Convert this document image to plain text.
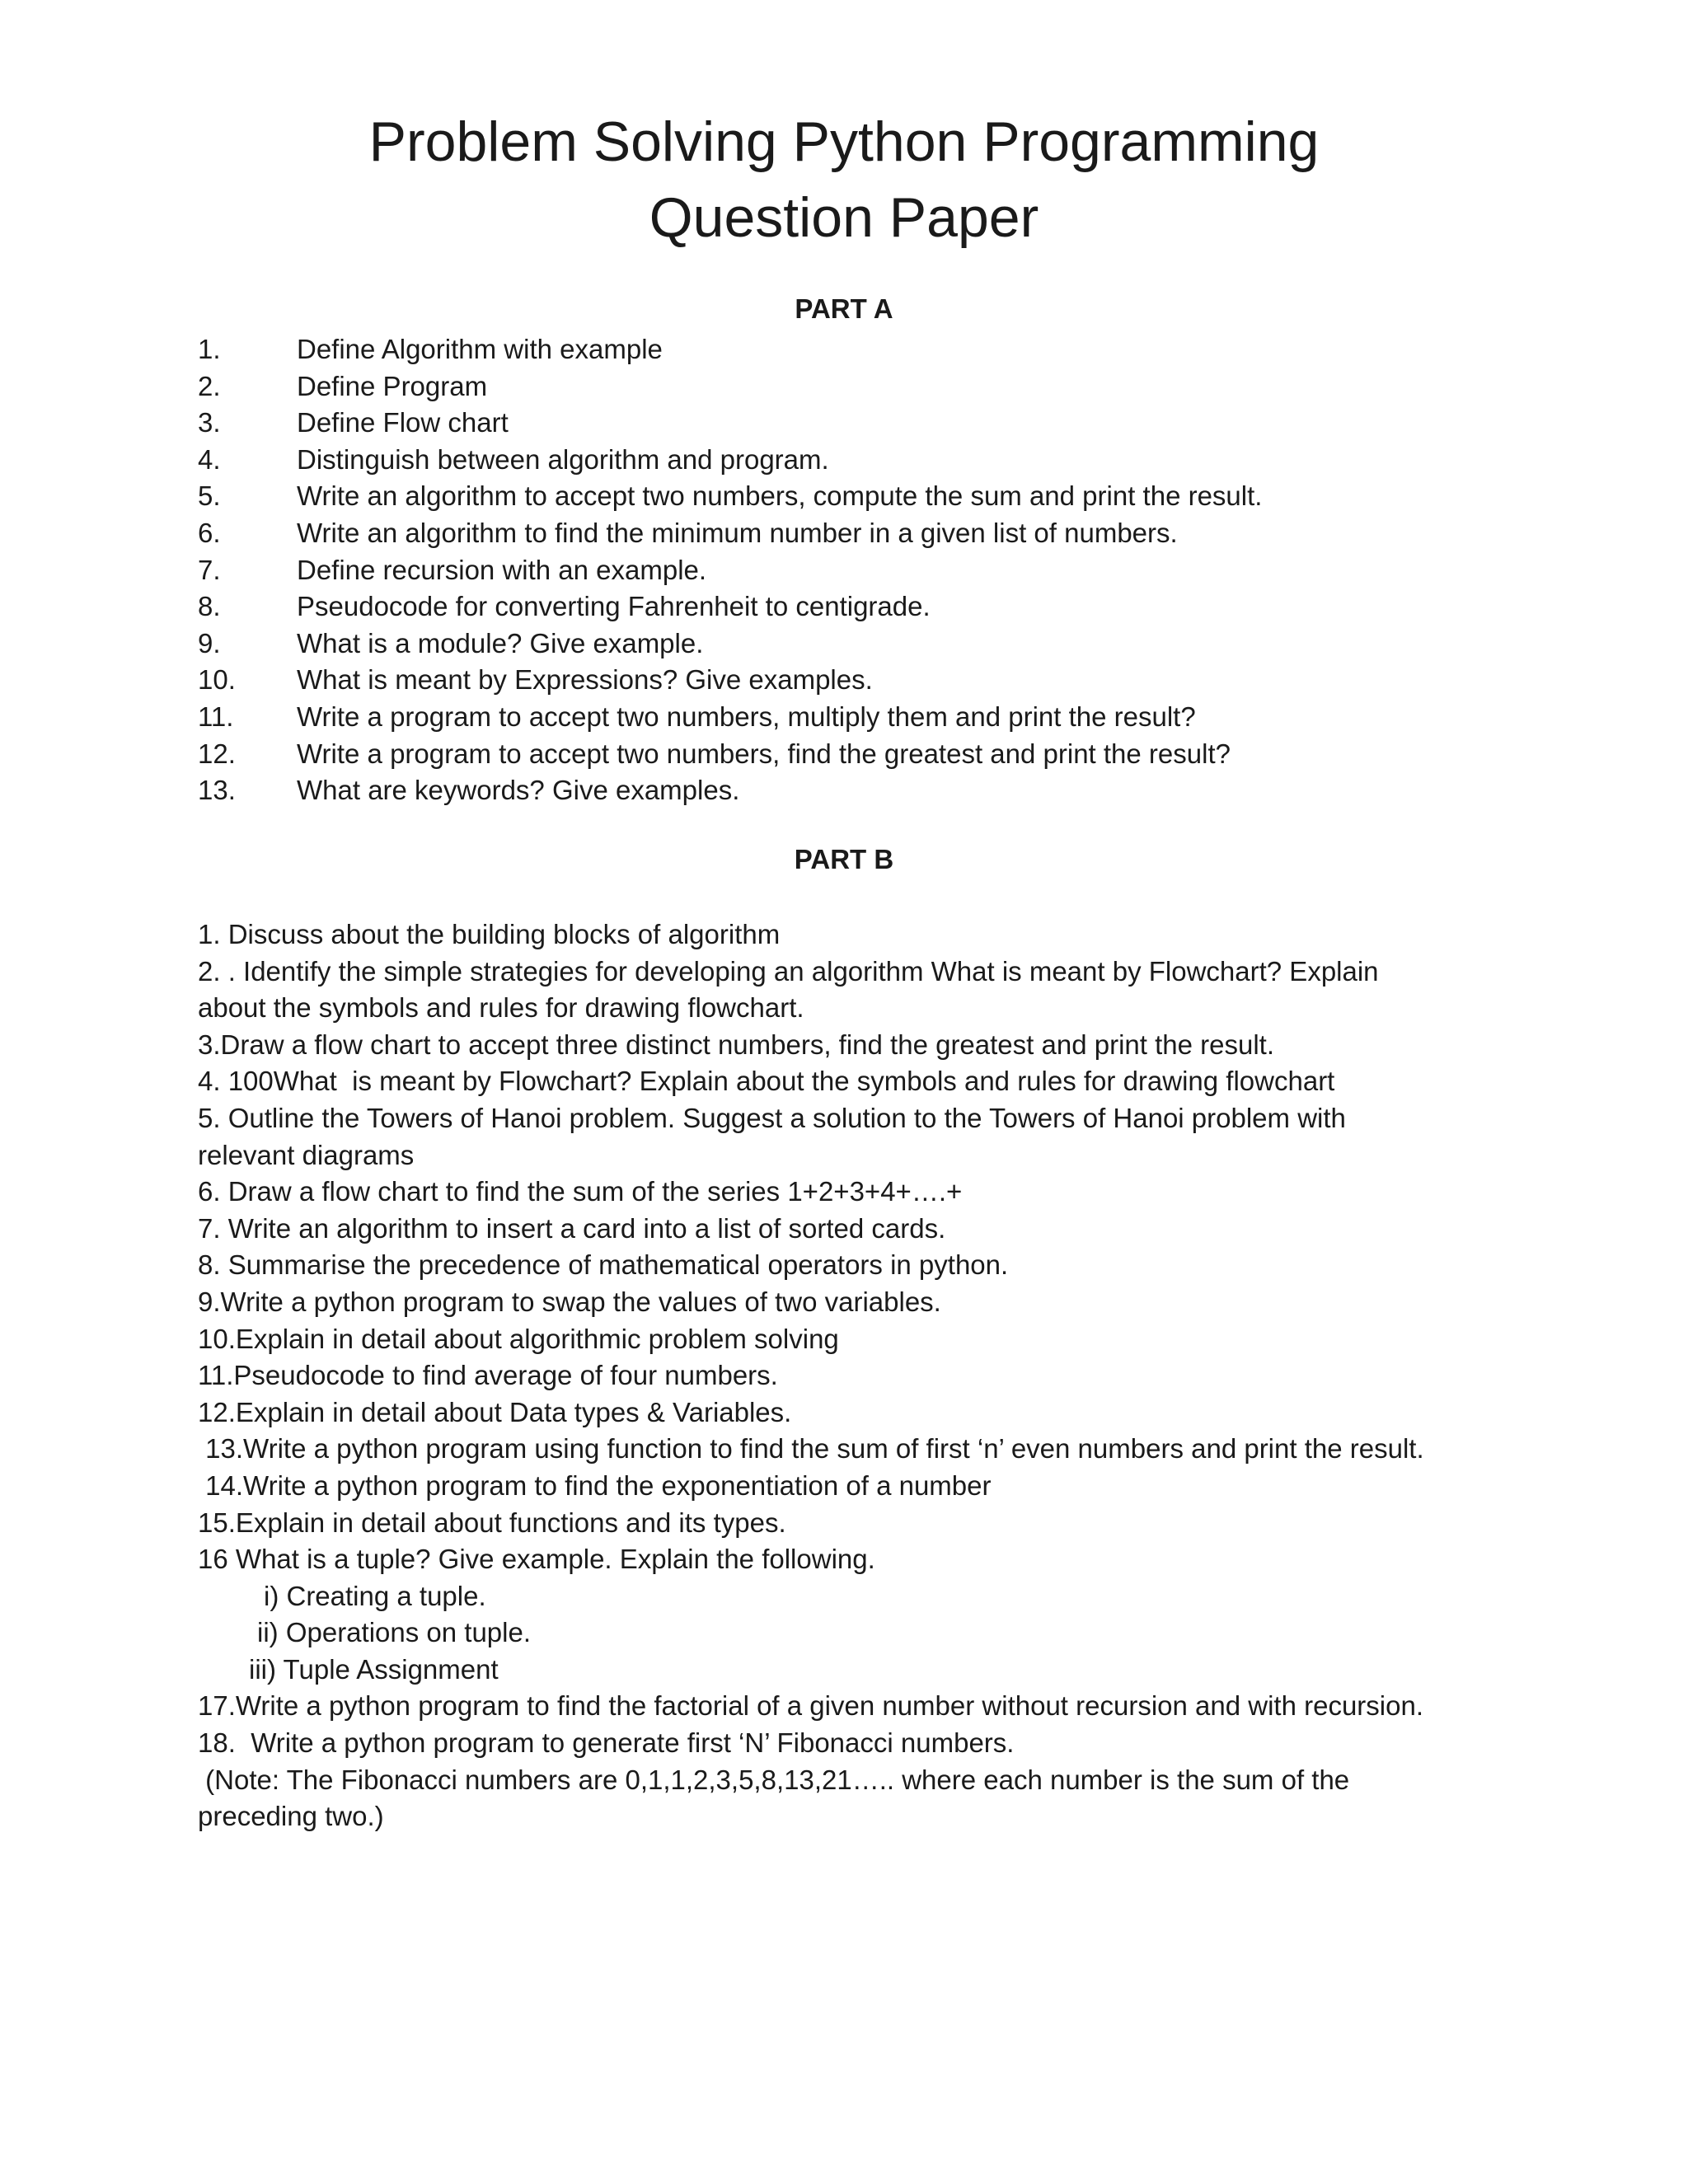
Problem Solving Python Programming
Question Paper
PART A
1.	Define Algorithm with example
2.	Define Program
3.	Define Flow chart
4.	Distinguish between algorithm and program.
5.	Write an algorithm to accept two numbers, compute the sum and print the result.
6.	Write an algorithm to find the minimum number in a given list of numbers.
7.	Define recursion with an example.
8.	Pseudocode for converting Fahrenheit to centigrade.
9.	What is a module? Give example.
10.	What is meant by Expressions? Give examples.
11.	Write a program to accept two numbers, multiply them and print the result?
12.	Write a program to accept two numbers, find the greatest and print the result?
13.	What are keywords? Give examples.
PART B

1. Discuss about the building blocks of algorithm

2. . Identify the simple strategies for developing an algorithm What is meant by Flowchart? Explain

about the symbols and rules for drawing flowchart.

3.Draw a flow chart to accept three distinct numbers, find the greatest and print the result.

4. 100What  is meant by Flowchart? Explain about the symbols and rules for drawing flowchart

5. Outline the Towers of Hanoi problem. Suggest a solution to the Towers of Hanoi problem with

relevant diagrams

6. Draw a flow chart to find the sum of the series 1+2+3+4+….+

7. Write an algorithm to insert a card into a list of sorted cards.

8. Summarise the precedence of mathematical operators in python.

9.Write a python program to swap the values of two variables.

10.Explain in detail about algorithmic problem solving

11.Pseudocode to find average of four numbers.

12.Explain in detail about Data types & Variables.

13.Write a python program using function to find the sum of first ‘n’ even numbers and print the result.

14.Write a python program to find the exponentiation of a number

15.Explain in detail about functions and its types.

16 What is a tuple? Give example. Explain the following.

i) Creating a tuple.

ii) Operations on tuple.

iii) Tuple Assignment

17.Write a python program to find the factorial of a given number without recursion and with recursion.

18.  Write a python program to generate first ‘N’ Fibonacci numbers.

(Note: The Fibonacci numbers are 0,1,1,2,3,5,8,13,21….. where each number is the sum of the

preceding two.)
